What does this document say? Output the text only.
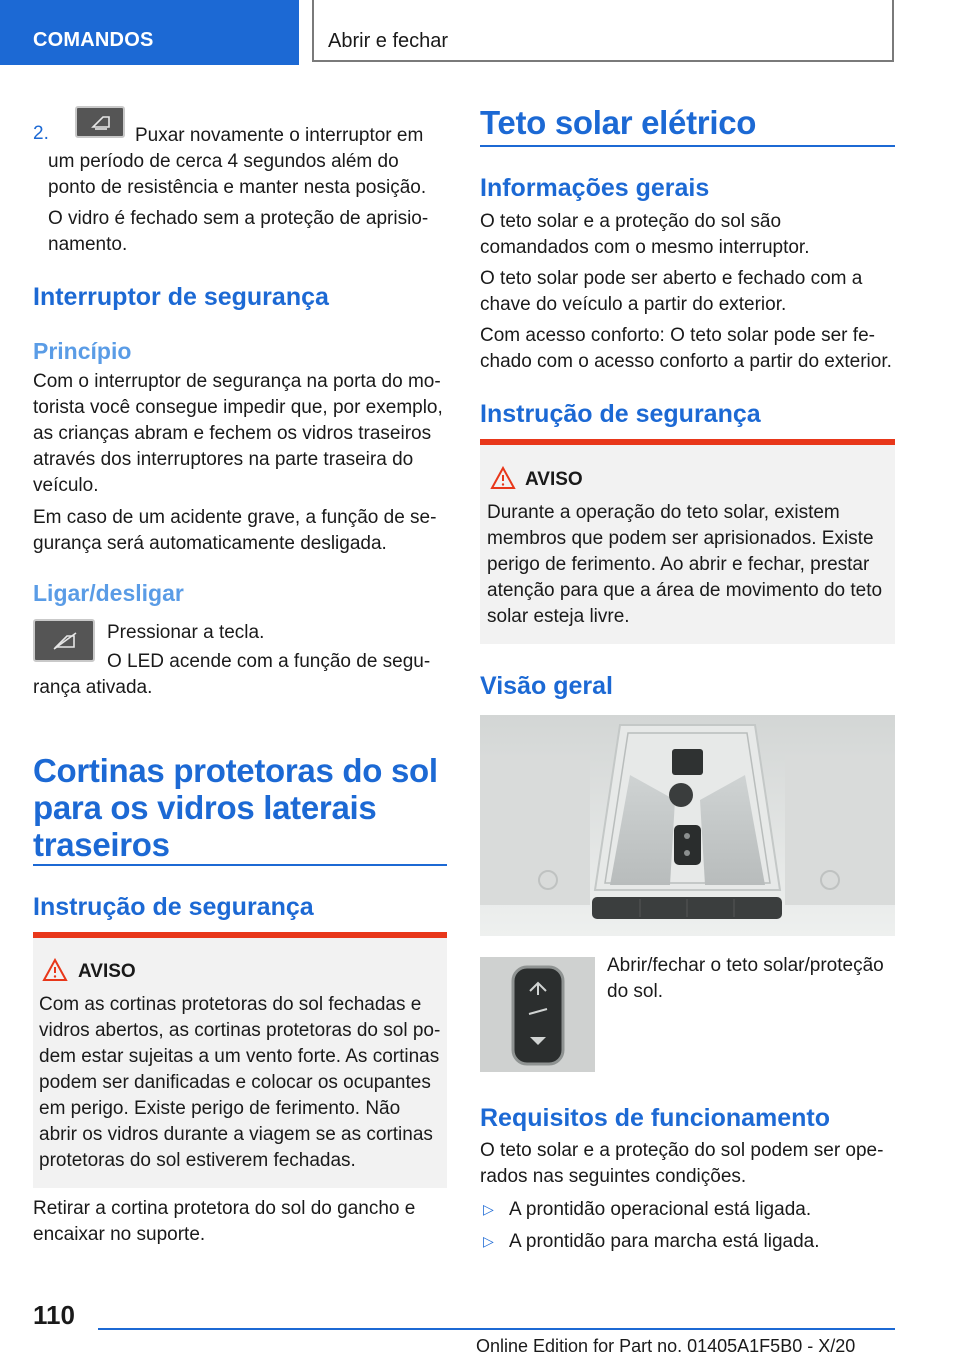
COMANDOS	Abrir e fechar
2.	Puxar novamente o interruptor em um período de cerca 4 segundos além do ponto de resistência e manter nesta posição.

O vidro é fechado sem a proteção de aprisionamento.

Interruptor de segurança
Princípio

Com o interruptor de segurança na porta do motorista você consegue impedir que, por exemplo, as crianças abram e fechem os vidros traseiros através dos interruptores na parte traseira do veículo.

Em caso de um acidente grave, a função de segurança será automaticamente desligada.

Ligar/desligar

Pressionar a tecla.

O LED acende com a função de segurança ativada.

Cortinas protetoras do sol para os vidros laterais traseiros
Instrução de segurança
AVISO

Com as cortinas protetoras do sol fechadas e vidros abertos, as cortinas protetoras do sol podem estar sujeitas a um vento forte. As cortinas podem ser danificadas e colocar os ocupantes em perigo. Existe perigo de ferimento. Não abrir os vidros durante a viagem se as cortinas protetoras do sol estiverem fechadas.

Retirar a cortina protetora do sol do gancho e encaixar no suporte.

Teto solar elétrico
Informações gerais

O teto solar e a proteção do sol são comandados com o mesmo interruptor.

O teto solar pode ser aberto e fechado com a chave do veículo a partir do exterior.

Com acesso conforto: O teto solar pode ser fechado com o acesso conforto a partir do exterior.

Instrução de segurança
AVISO

Durante a operação do teto solar, existem membros que podem ser aprisionados. Existe perigo de ferimento. Ao abrir e fechar, prestar atenção para que a área de movimento do teto solar esteja livre.

Visão geral

Abrir/fechar o teto solar/proteção do sol.

Requisitos de funcionamento

O teto solar e a proteção do sol podem ser operados nas seguintes condições.

▷ A prontidão operacional está ligada.
▷ A prontidão para marcha está ligada.
110
Online Edition for Part no. 01405A1F5B0 - X/20
